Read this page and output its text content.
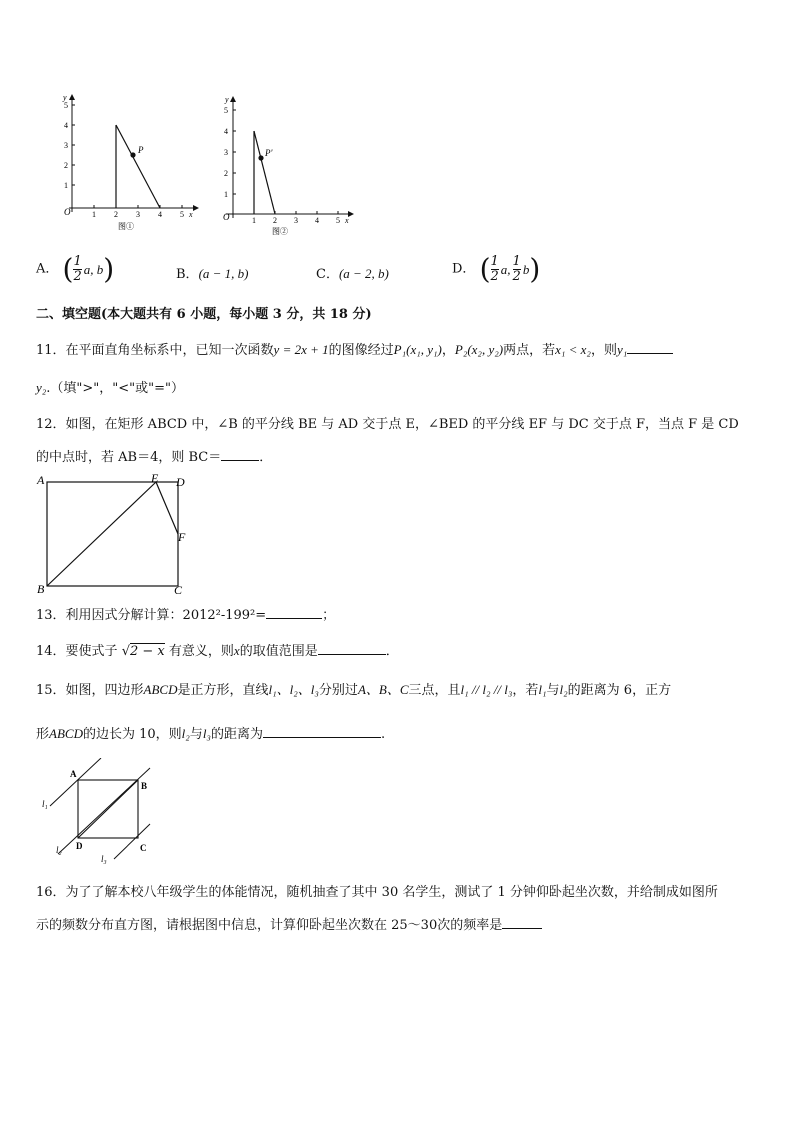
y
5
4
3
2
1
O	1 2 3 4 5 x
P
图①
y
5
4
3
2
1
O	1 2 3 4 5 x
P'
图②
A． ( $\frac{1}{2} a$, b)	B．(a − 1, b)	C．(a − 2, b)	D． ( $\frac{1}{2} a$, $\frac{1}{2} b$)
二、填空题(本大题共有 6 小题，每小题 3 分，共 18 分)
11．在平面直角坐标系中，已知一次函数y = 2x + 1的图像经过P₁(x₁, y₁)，P₂(x₂, y₂)两点，若x₁ < x₂，则y₁
y₂.（填">"，"<"或"="）
12．如图，在矩形 ABCD 中，∠B 的平分线 BE 与 AD 交于点 E，∠BED 的平分线 EF 与 DC 交于点 F，当点 F 是 CD
的中点时，若 AB＝4，则 BC＝	．
A	E D
F
B	C
13．利用因式分解计算：2012²-199²=	；
14．要使式子 √2 − x 有意义，则x的取值范围是	．
15．如图，四边形ABCD是正方形，直线l₁、l₂、l₃分别过A、B、C三点，且l₁ // l₂ // l₃，若l₁与l₂的距离为 6，正方
形ABCD的边长为 10，则l₂与l₃的距离为	.
A
B
D	C
l₁
l₂
l₃
16．为了了解本校八年级学生的体能情况，随机抽查了其中 30 名学生，测试了 1 分钟仰卧起坐次数，并给制成如图所
示的频数分布直方图，请根据图中信息，计算仰卧起坐次数在 25～30次的频率是
